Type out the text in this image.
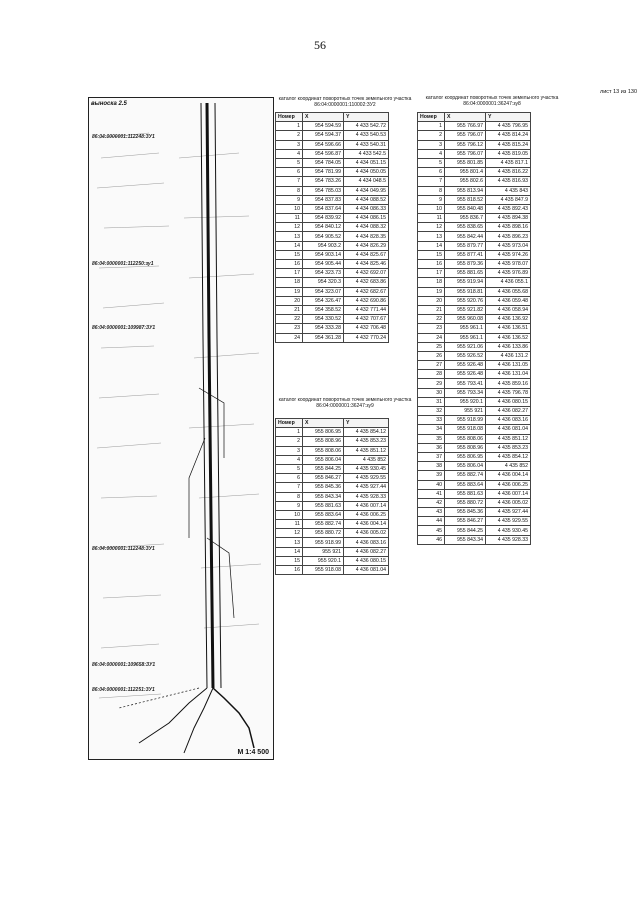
56
лист 13 из 130
выноска 2.5
86:04:0000001:112248:ЗУ1
86:04:0000001:112250:зу1
86:04:0000001:109987:ЗУ1
86:04:0000001:112248:ЗУ1
86:04:0000001:109658:ЗУ1
86:04:0000001:112251:ЗУ1
М 1:4 500
каталог координат поворотных точек земельного участка 86:04:0000001:110002:ЗУ2
Номер	X	Y
1	954 594.59	4 433 542.72
2	954 594.37	4 433 540.53
3	954 596.66	4 433 540.31
4	954 596.87	4 433 542.5
5	954 784.05	4 434 051.15
6	954 781.99	4 434 050.05
7	954 783.26	4 434 048.5
8	954 785.03	4 434 049.95
9	954 837.83	4 434 088.52
10	954 837.64	4 434 086.33
11	954 839.92	4 434 086.15
12	954 840.12	4 434 088.32
13	954 905.52	4 434 828.35
14	954 903.2	4 434 826.29
15	954 903.14	4 434 825.67
16	954 905.44	4 434 825.46
17	954 323.73	4 432 692.07
18	954 320.3	4 432 683.86
19	954 323.07	4 432 682.67
20	954 326.47	4 432 690.86
21	954 358.52	4 432 771.44
22	954 330.52	4 432 707.67
23	954 333.28	4 432 706.48
24	954 361.28	4 432 770.24
каталог координат поворотных точек земельного участка 86:04:0000001:36247:зу9
Номер	X	Y
1	955 806.95	4 435 854.12
2	955 808.96	4 435 853.23
3	955 808.06	4 435 851.12
4	955 806.04	4 435 852
5	955 844.25	4 435 930.45
6	955 846.27	4 435 929.55
7	955 845.36	4 435 927.44
8	955 843.34	4 435 928.33
9	955 881.63	4 436 007.14
10	955 883.64	4 436 006.25
11	955 882.74	4 436 004.14
12	955 880.72	4 436 005.02
13	955 918.99	4 436 083.16
14	955 921	4 436 082.27
15	955 920.1	4 436 080.15
16	955 918.08	4 436 081.04
каталог координат поворотных точек земельного участка 86:04:0000001:36247:зу8
Номер	X	Y
1	955 766.97	4 435 796.95
2	955 796.07	4 435 814.24
3	955 796.12	4 435 815.24
4	955 796.07	4 435 819.05
5	955 801.85	4 435 817.1
6	955 801.4	4 435 816.22
7	955 802.6	4 435 816.93
8	955 813.94	4 435 843
9	955 818.52	4 435 847.9
10	955 840.48	4 435 892.43
11	955 836.7	4 435 894.38
12	955 838.65	4 435 898.16
13	955 842.44	4 435 896.23
14	955 879.77	4 435 973.04
15	955 877.41	4 435 974.26
16	955 879.36	4 435 978.07
17	955 881.65	4 435 976.89
18	955 919.94	4 436 055.1
19	955 918.81	4 436 055.68
20	955 920.76	4 436 059.48
21	955 921.82	4 436 058.94
22	955 960.08	4 436 136.92
23	955 961.1	4 436 136.51
24	955 961.1	4 436 136.52
25	955 921.06	4 436 133.86
26	955 926.52	4 436 131.2
27	955 926.48	4 436 131.05
28	955 926.48	4 436 131.04
29	955 793.41	4 435 859.16
30	955 793.34	4 435 796.78
31	955 920.1	4 436 080.15
32	955 921	4 436 082.27
33	955 918.99	4 436 083.16
34	955 918.08	4 436 081.04
35	955 808.06	4 435 851.12
36	955 808.96	4 435 853.23
37	955 806.95	4 435 854.12
38	955 806.04	4 435 852
39	955 882.74	4 436 004.14
40	955 883.64	4 436 006.25
41	955 881.63	4 436 007.14
42	955 880.72	4 436 005.02
43	955 845.36	4 435 927.44
44	955 846.27	4 435 929.55
45	955 844.25	4 435 930.45
46	955 843.34	4 435 928.33
